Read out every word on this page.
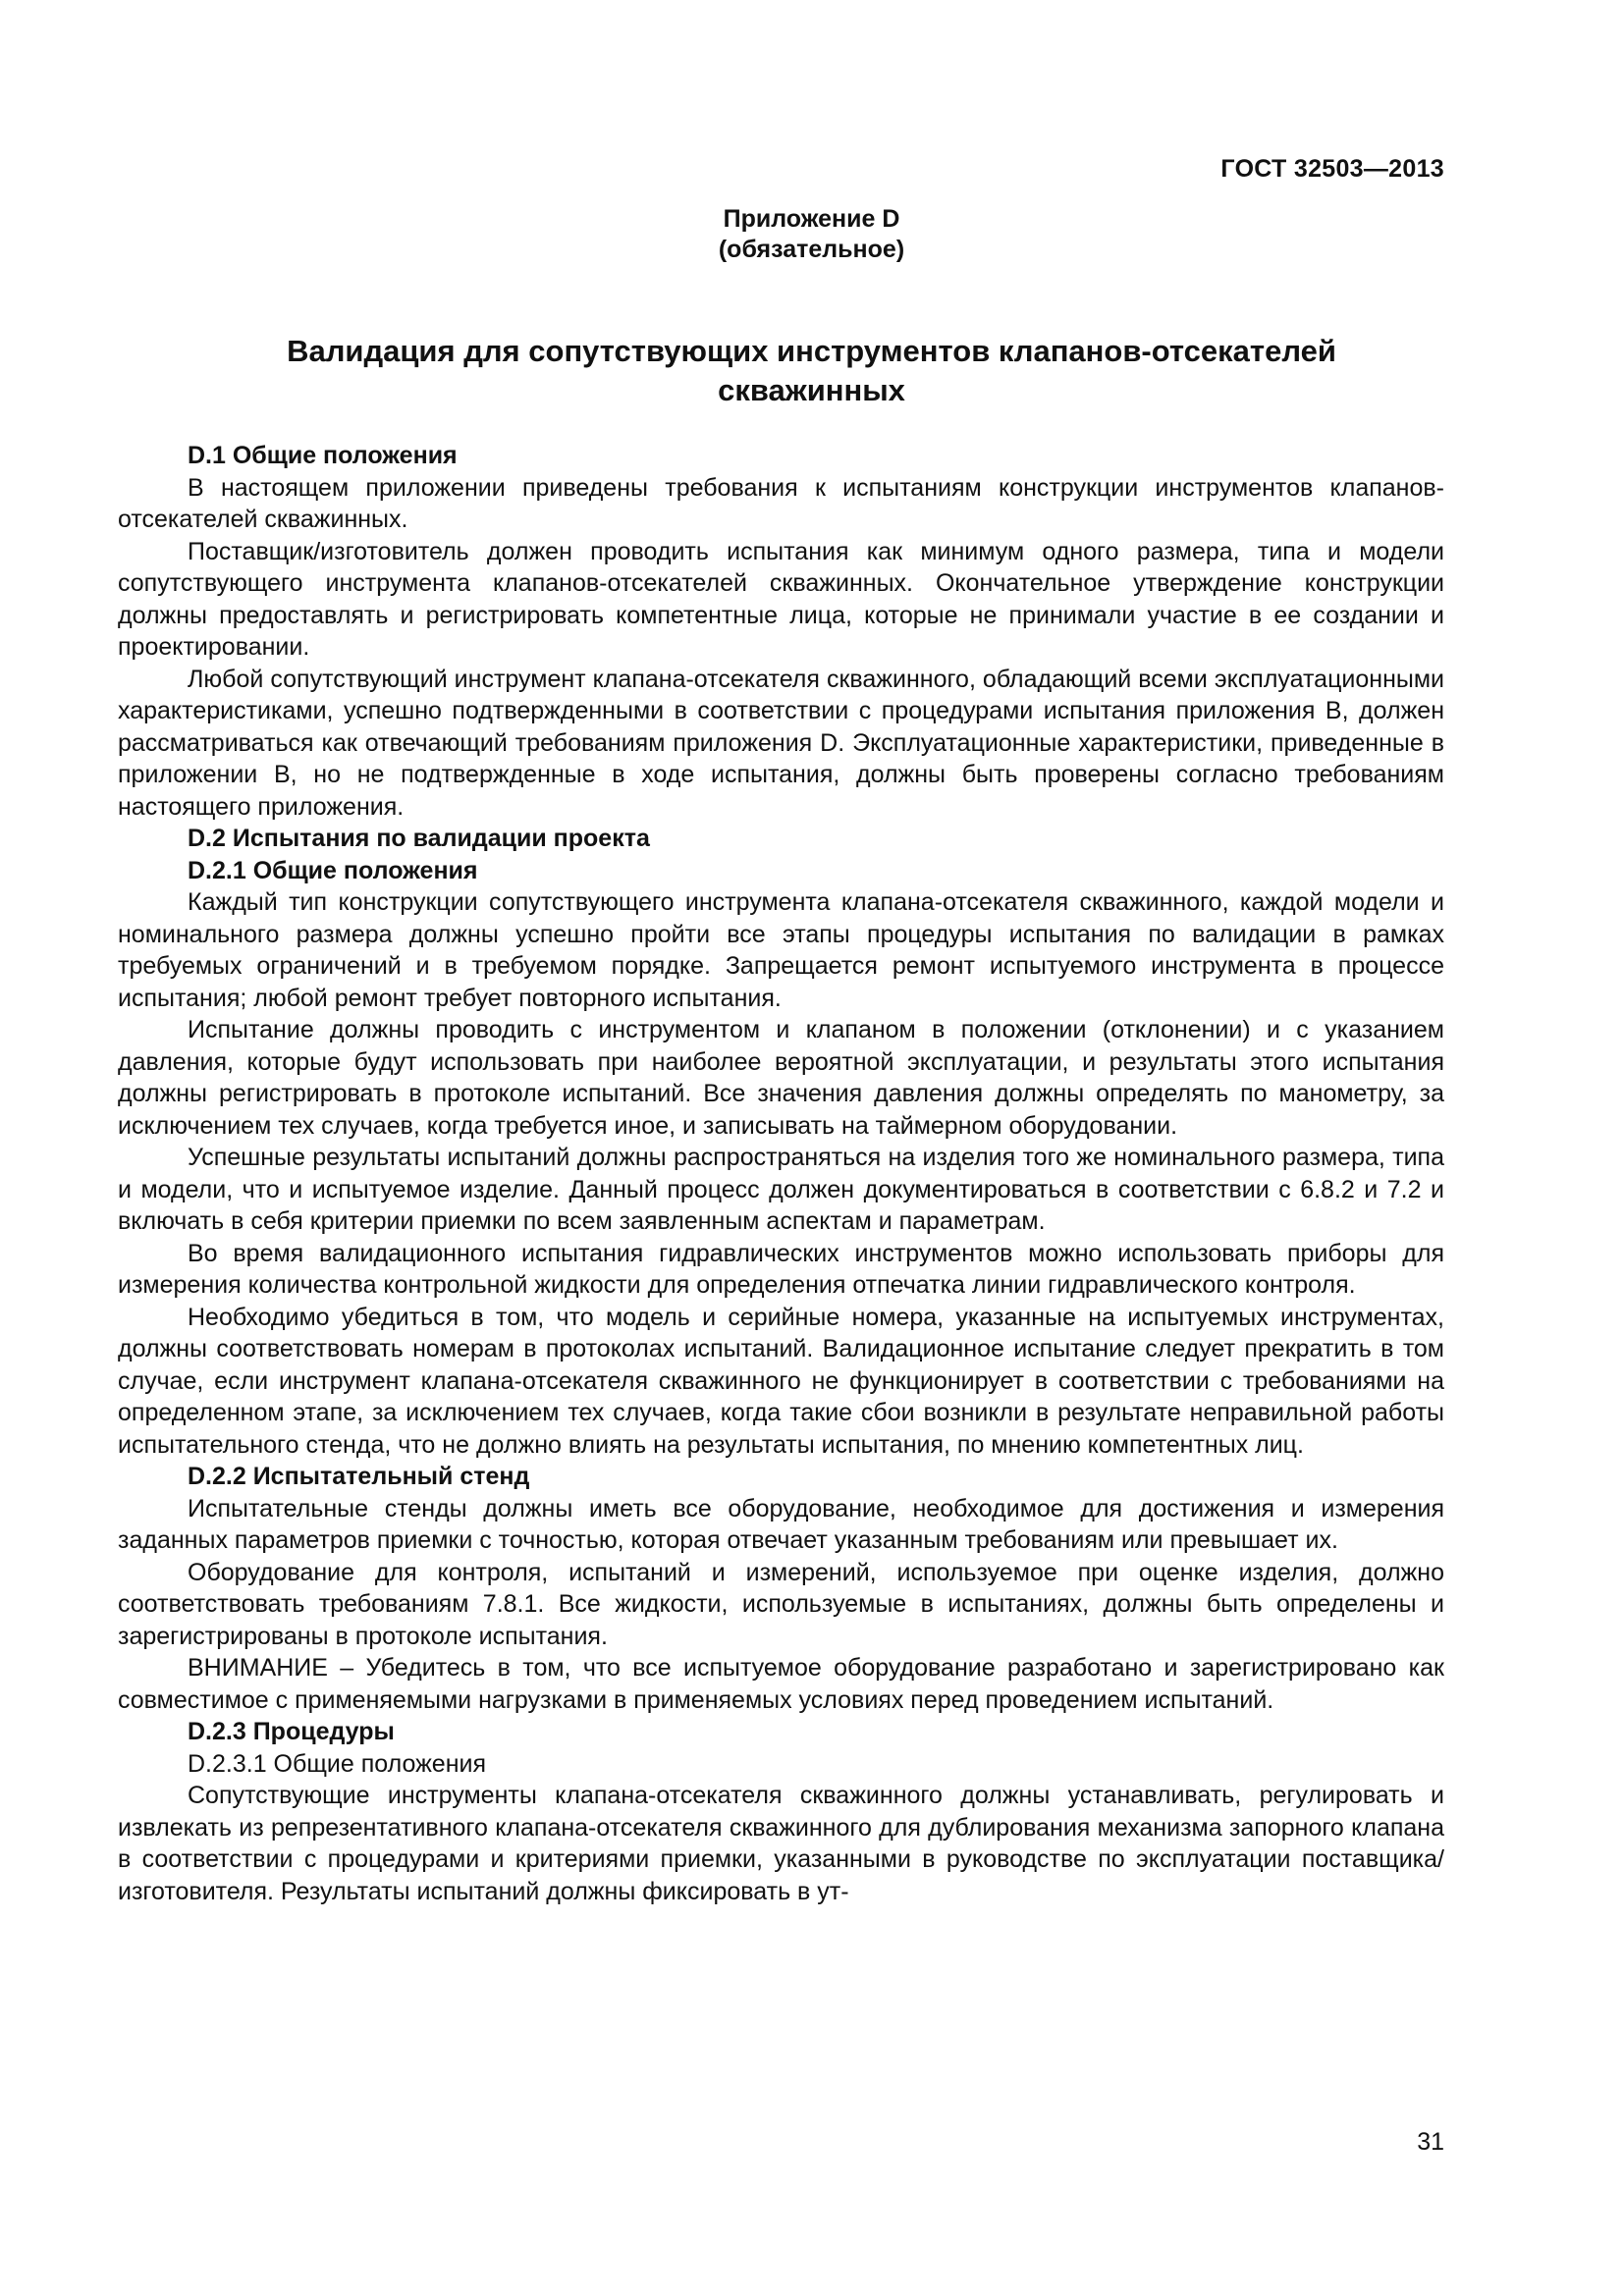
ГОСТ 32503—2013
Приложение D
(обязательное)
Валидация для сопутствующих инструментов клапанов-отсекателей
скважинных

D.1 Общие положения

В настоящем приложении приведены требования к испытаниям конструкции инструментов клапанов-отсекателей скважинных.

Поставщик/изготовитель должен проводить испытания как минимум одного размера, типа и модели сопутствующего инструмента клапанов-отсекателей скважинных. Окончательное утверждение конструкции должны предоставлять и регистрировать компетентные лица, которые не принимали участие в ее создании и проектировании.

Любой сопутствующий инструмент клапана-отсекателя скважинного, обладающий всеми эксплуатационными характеристиками, успешно подтвержденными в соответствии с процедурами испытания приложения B, должен рассматриваться как отвечающий требованиям приложения D. Эксплуатационные характеристики, приведенные в приложении B, но не подтвержденные в ходе испытания, должны быть проверены согласно требованиям настоящего приложения.

D.2 Испытания по валидации проекта

D.2.1 Общие положения

Каждый тип конструкции сопутствующего инструмента клапана-отсекателя скважинного, каждой модели и номинального размера должны успешно пройти все этапы процедуры испытания по валидации в рамках требуемых ограничений и в требуемом порядке. Запрещается ремонт испытуемого инструмента в процессе испытания; любой ремонт требует повторного испытания.

Испытание должны проводить с инструментом и клапаном в положении (отклонении) и с указанием давления, которые будут использовать при наиболее вероятной эксплуатации, и результаты этого испытания должны регистрировать в протоколе испытаний. Все значения давления должны определять по манометру, за исключением тех случаев, когда требуется иное, и записывать на таймерном оборудовании.

Успешные результаты испытаний должны распространяться на изделия того же номинального размера, типа и модели, что и испытуемое изделие. Данный процесс должен документироваться в соответствии с 6.8.2 и 7.2 и включать в себя критерии приемки по всем заявленным аспектам и параметрам.

Во время валидационного испытания гидравлических инструментов можно использовать приборы для измерения количества контрольной жидкости для определения отпечатка линии гидравлического контроля.

Необходимо убедиться в том, что модель и серийные номера, указанные на испытуемых инструментах, должны соответствовать номерам в протоколах испытаний. Валидационное испытание следует прекратить в том случае, если инструмент клапана-отсекателя скважинного не функционирует в соответствии с требованиями на определенном этапе, за исключением тех случаев, когда такие сбои возникли в результате неправильной работы испытательного стенда, что не должно влиять на результаты испытания, по мнению компетентных лиц.

D.2.2 Испытательный стенд

Испытательные стенды должны иметь все оборудование, необходимое для достижения и измерения заданных параметров приемки с точностью, которая отвечает указанным требованиям или превышает их.

Оборудование для контроля, испытаний и измерений, используемое при оценке изделия, должно соответствовать требованиям 7.8.1. Все жидкости, используемые в испытаниях, должны быть определены и зарегистрированы в протоколе испытания.

ВНИМАНИЕ – Убедитесь в том, что все испытуемое оборудование разработано и зарегистрировано как совместимое с применяемыми нагрузками в применяемых условиях перед проведением испытаний.

D.2.3 Процедуры

D.2.3.1 Общие положения

Сопутствующие инструменты клапана-отсекателя скважинного должны устанавливать, регулировать и извлекать из репрезентативного клапана-отсекателя скважинного для дублирования механизма запорного клапана в соответствии с процедурами и критериями приемки, указанными в руководстве по эксплуатации поставщика/изготовителя. Результаты испытаний должны фиксировать в ут-

31
